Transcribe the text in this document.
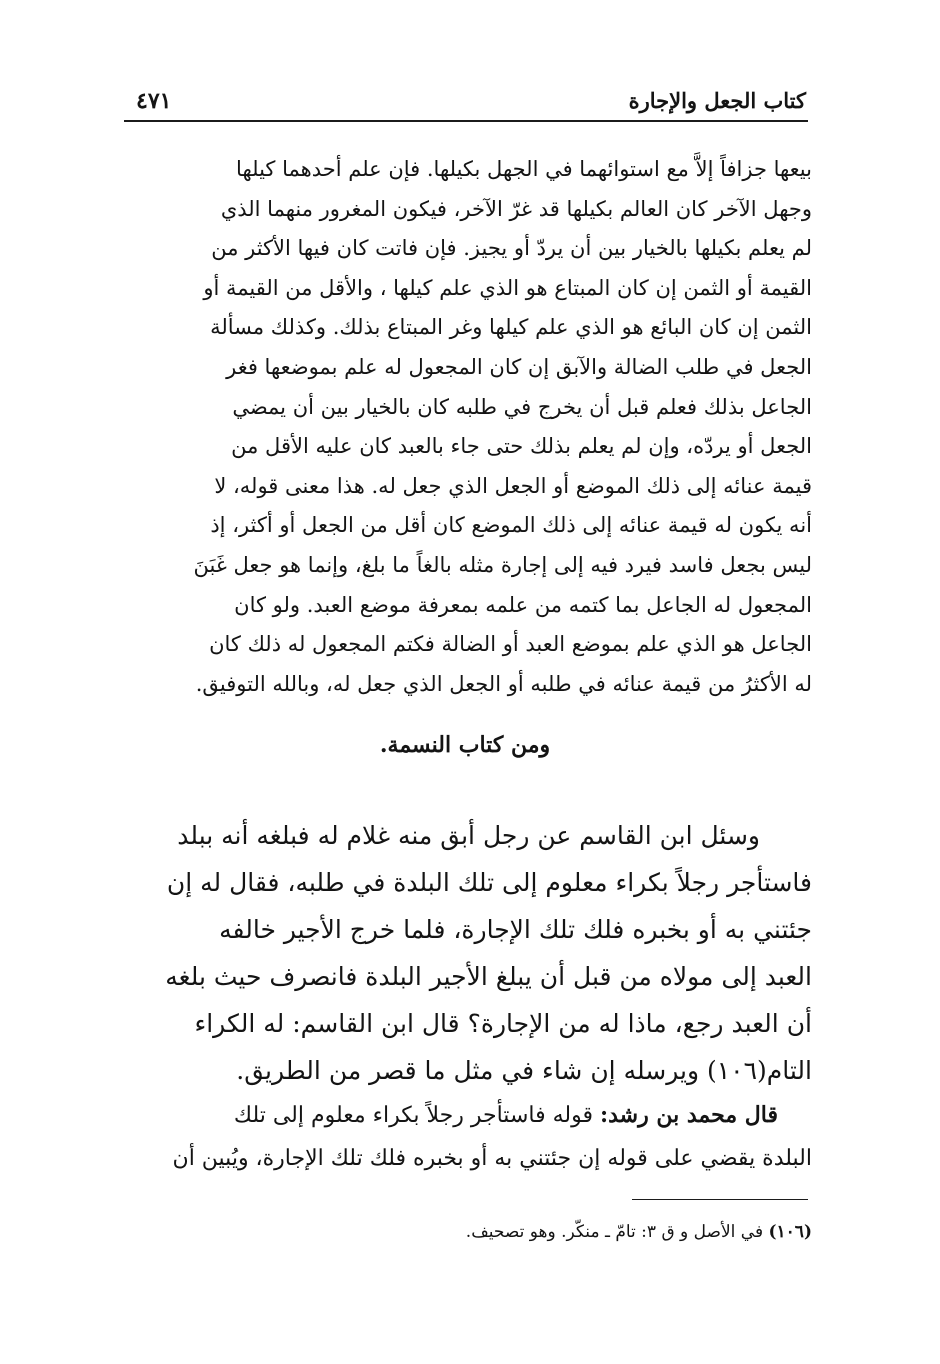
كتاب الجعل والإجارة
٤٧١

بيعها جزافاً إلاَّ مع استوائهما في الجهل بكيلها. فإن علم أحدهما كيلها
وجهل الآخر كان العالم بكيلها قد غرّ الآخر، فيكون المغرور منهما الذي
لم يعلم بكيلها بالخيار بين أن يردّ أو يجيز. فإن فاتت كان فيها الأكثر من
القيمة أو الثمن إن كان المبتاع هو الذي علم كيلها ، والأقل من القيمة أو
الثمن إن كان البائع هو الذي علم كيلها وغر المبتاع بذلك. وكذلك مسألة
الجعل في طلب الضالة والآبق إن كان المجعول له علم بموضعها فغر
الجاعل بذلك فعلم قبل أن يخرج في طلبه كان بالخيار بين أن يمضي
الجعل أو يردّه، وإن لم يعلم بذلك حتى جاء بالعبد كان عليه الأقل من
قيمة عنائه إلى ذلك الموضع أو الجعل الذي جعل له. هذا معنى قوله، لا
أنه يكون له قيمة عنائه إلى ذلك الموضع كان أقل من الجعل أو أكثر، إذ
ليس بجعل فاسد فيرد فيه إلى إجارة مثله بالغاً ما بلغ، وإنما هو جعل غَبَنَ
المجعول له الجاعل بما كتمه من علمه بمعرفة موضع العبد. ولو كان
الجاعل هو الذي علم بموضع العبد أو الضالة فكتم المجعول له ذلك كان
له الأكثرُ من قيمة عنائه في طلبه أو الجعل الذي جعل له، وبالله التوفيق.

ومن كتاب النسمة.

وسئل ابن القاسم عن رجل أبق منه غلام له فبلغه أنه ببلد
فاستأجر رجلاً بكراء معلوم إلى تلك البلدة في طلبه، فقال له إن
جئتني به أو بخبره فلك تلك الإجارة، فلما خرج الأجير خالفه
العبد إلى مولاه من قبل أن يبلغ الأجير البلدة فانصرف حيث بلغه
أن العبد رجع، ماذا له من الإجارة؟ قال ابن القاسم: له الكراء
التام(١٠٦) ويرسله إن شاء في مثل ما قصر من الطريق.

قال محمد بن رشد: قوله فاستأجر رجلاً بكراء معلوم إلى تلك
البلدة يقضي على قوله إن جئتني به أو بخبره فلك تلك الإجارة، ويُبين أن

(١٠٦) في الأصل و ق ٣: تامّ ـ منكّر. وهو تصحيف.
